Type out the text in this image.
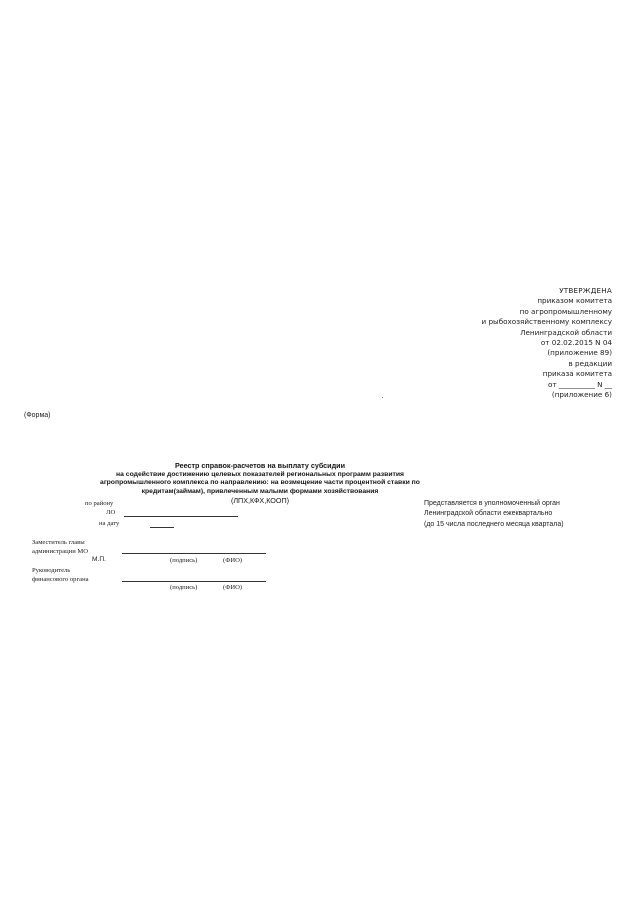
УТВЕРЖДЕНА
приказом комитета
по агропромышленному
и рыбохозяйственному комплексу
Ленинградской области
от 02.02.2015 N 04
(приложение 89)
в редакции
приказа комитета
от __________ N __
(приложение 6)
(Форма)
Реестр справок-расчетов на выплату субсидии
на содействие достижению целевых показателей региональных программ развития
агропромышленного комплекса по направлению: на возмещение части процентной ставки по
кредитам(займам), привлеченным малыми формами хозяйствования
(ЛПХ,КФХ,КООП)
по району
ЛО
на дату
Представляется в уполномоченный орган
Ленинградской области ежеквартально
(до 15 числа последнего месяца квартала)
Заместитель главы
администрации МО
М.П.	(подпись)	(ФИО)
Руководитель
финансового органа
(подпись)	(ФИО)
